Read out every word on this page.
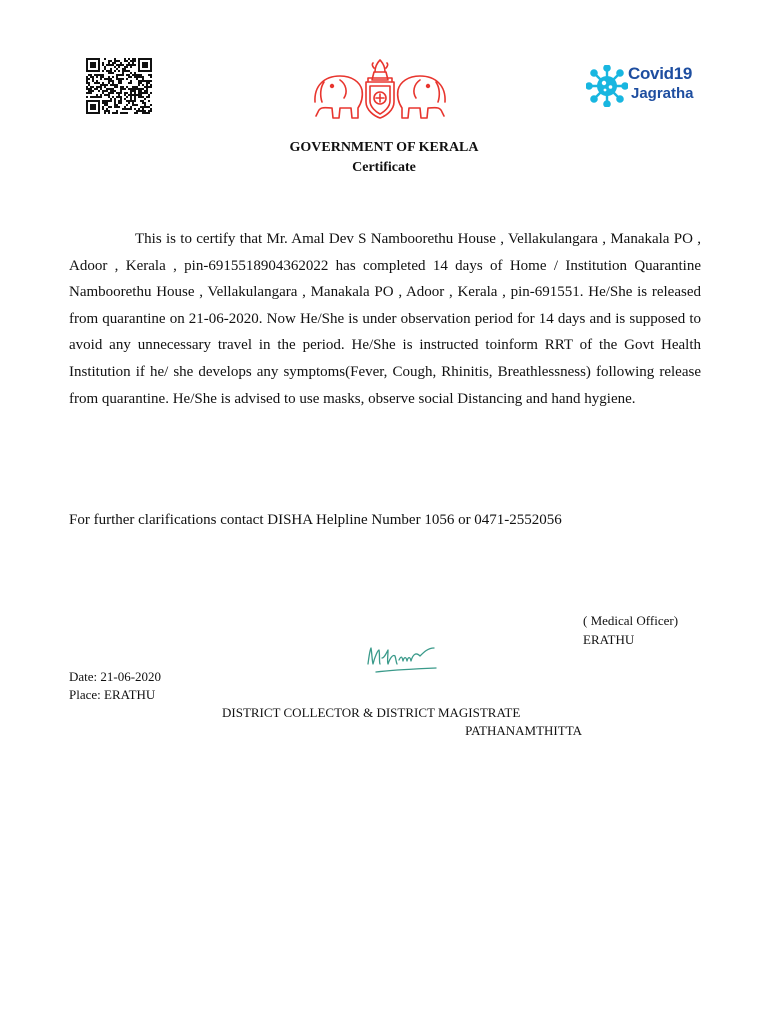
Covid19
Jagratha
GOVERNMENT OF KERALA
Certificate

This is to certify that Mr. Amal Dev S Namboorethu House , Vellakulangara , Manakala PO , Adoor , Kerala , pin-6915518904362022 has completed 14 days of Home / Institution Quarantine Namboorethu House , Vellakulangara , Manakala PO , Adoor , Kerala , pin-691551. He/She is released from quarantine on 21-06-2020. Now He/She is under observation period for 14 days and is supposed to avoid any unnecessary travel in the period. He/She is instructed toinform RRT of the Govt Health Institution if he/ she develops any symptoms(Fever, Cough, Rhinitis, Breathlessness) following release from quarantine. He/She is advised to use masks, observe social Distancing and hand hygiene.

For further clarifications contact DISHA Helpline Number 1056 or 0471-2552056
( Medical Officer)
ERATHU
Date: 21-06-2020
Place: ERATHU
DISTRICT COLLECTOR & DISTRICT MAGISTRATE
PATHANAMTHITTA
